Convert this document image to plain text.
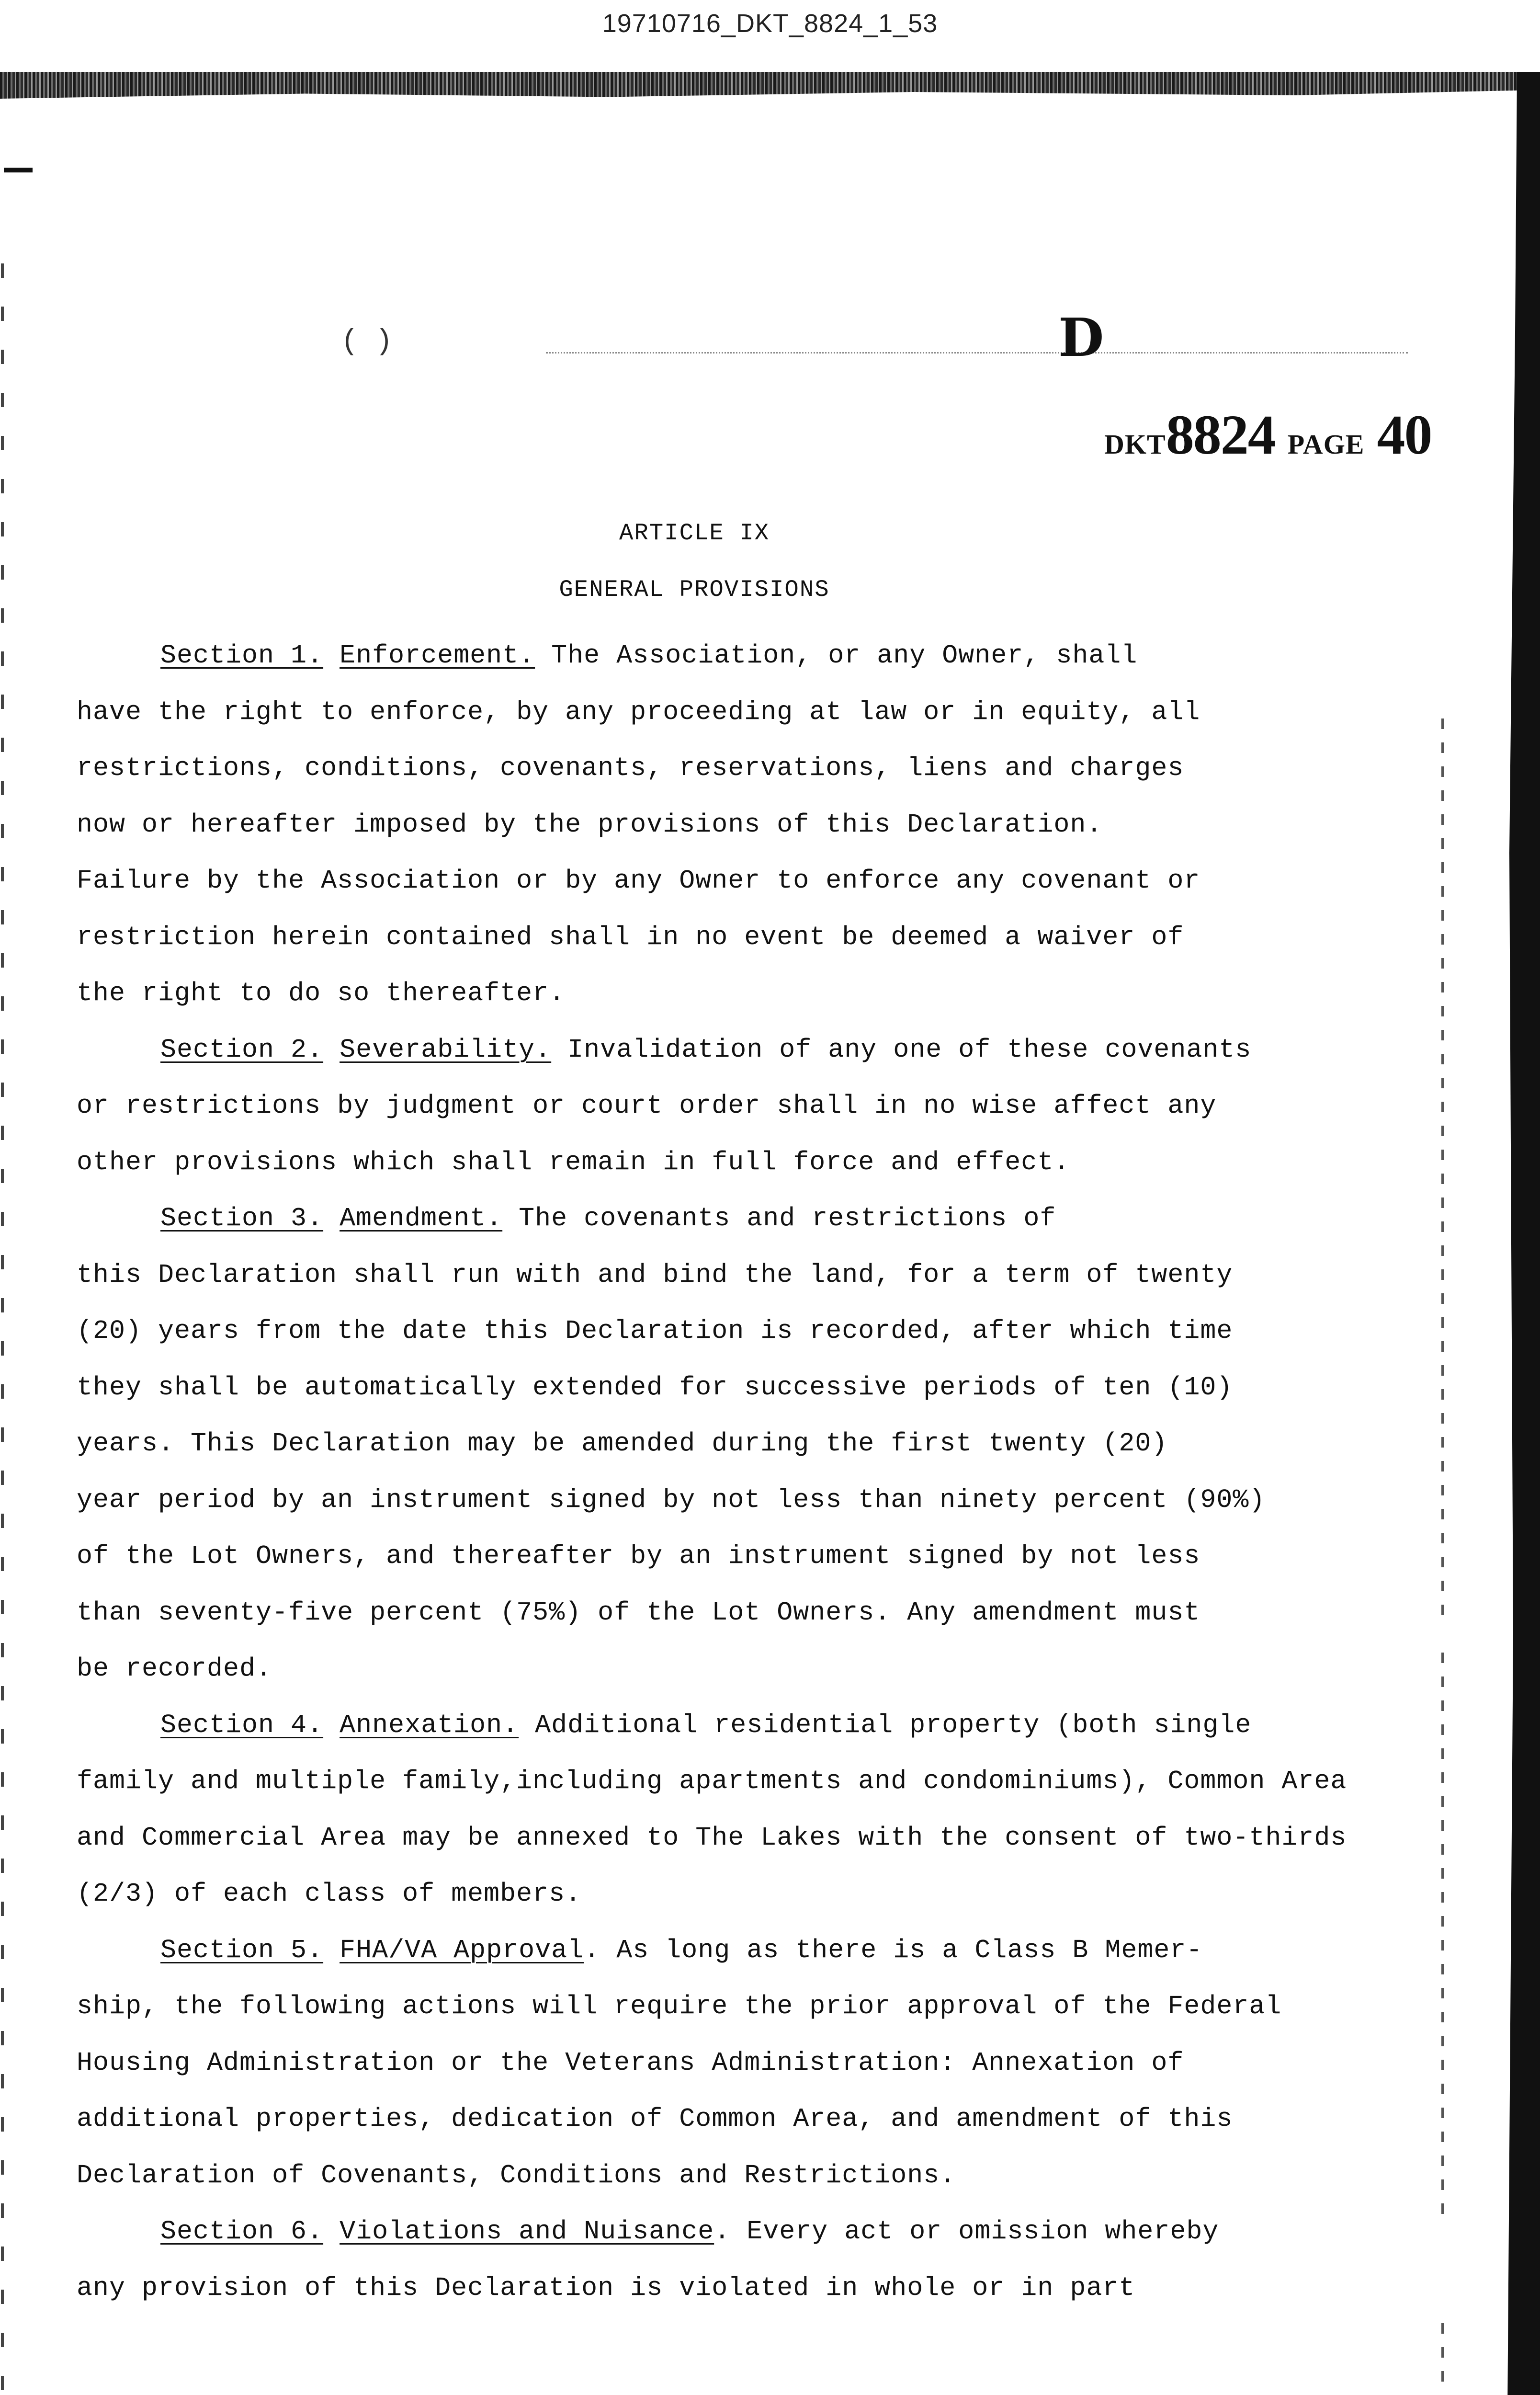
19710716_DKT_8824_1_53
( )	D
DKT8824 PAGE 40
ARTICLE IX
GENERAL PROVISIONS

Section 1. Enforcement. The Association, or any Owner, shall
have the right to enforce, by any proceeding at law or in equity, all
restrictions, conditions, covenants, reservations, liens and charges
now or hereafter imposed by the provisions of this Declaration.
Failure by the Association or by any Owner to enforce any covenant or
restriction herein contained shall in no event be deemed a waiver of
the right to do so thereafter.

Section 2. Severability. Invalidation of any one of these covenants
or restrictions by judgment or court order shall in no wise affect any
other provisions which shall remain in full force and effect.

Section 3. Amendment. The covenants and restrictions of
this Declaration shall run with and bind the land, for a term of twenty
(20) years from the date this Declaration is recorded, after which time
they shall be automatically extended for successive periods of ten (10)
years. This Declaration may be amended during the first twenty (20)
year period by an instrument signed by not less than ninety percent (90%)
of the Lot Owners, and thereafter by an instrument signed by not less
than seventy-five percent (75%) of the Lot Owners. Any amendment must
be recorded.

Section 4. Annexation. Additional residential property (both single
family and multiple family,including apartments and condominiums), Common Area
and Commercial Area may be annexed to The Lakes with the consent of two-thirds
(2/3) of each class of members.

Section 5. FHA/VA Approval. As long as there is a Class B Memer-
ship, the following actions will require the prior approval of the Federal
Housing Administration or the Veterans Administration: Annexation of
additional properties, dedication of Common Area, and amendment of this
Declaration of Covenants, Conditions and Restrictions.

Section 6. Violations and Nuisance. Every act or omission whereby
any provision of this Declaration is violated in whole or in part
